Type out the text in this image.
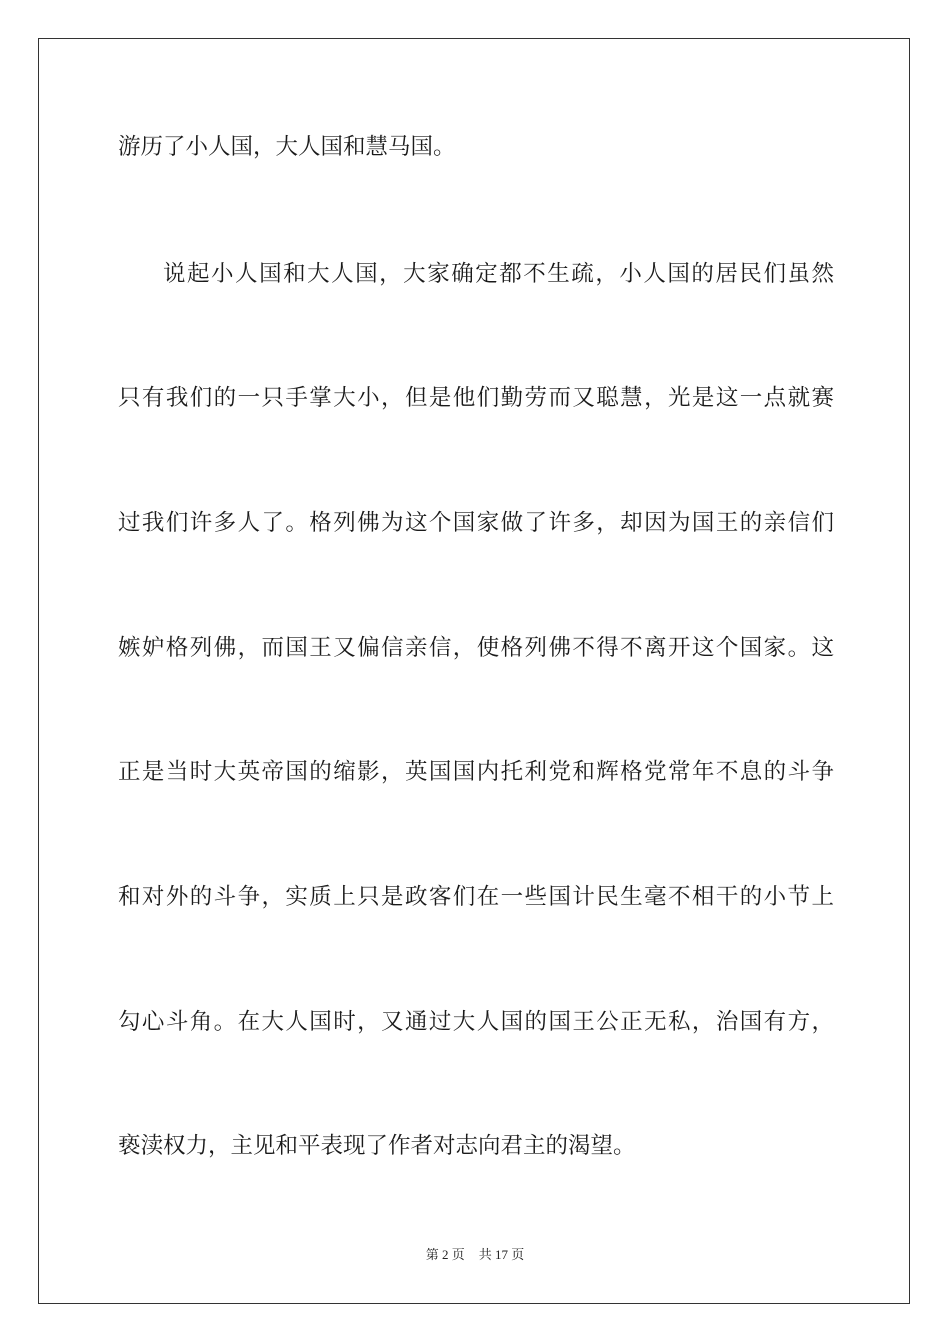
游历了小人国，大人国和慧马国。
说起小人国和大人国，大家确定都不生疏，小人国的居民们虽然
只有我们的一只手掌大小，但是他们勤劳而又聪慧，光是这一点就赛
过我们许多人了。格列佛为这个国家做了许多，却因为国王的亲信们
嫉妒格列佛，而国王又偏信亲信，使格列佛不得不离开这个国家。这
正是当时大英帝国的缩影，英国国内托利党和辉格党常年不息的斗争
和对外的斗争，实质上只是政客们在一些国计民生毫不相干的小节上
勾心斗角。在大人国时，又通过大人国的国王公正无私，治国有方，
亵渎权力，主见和平表现了作者对志向君主的渴望。
第 2 页 共 17 页
